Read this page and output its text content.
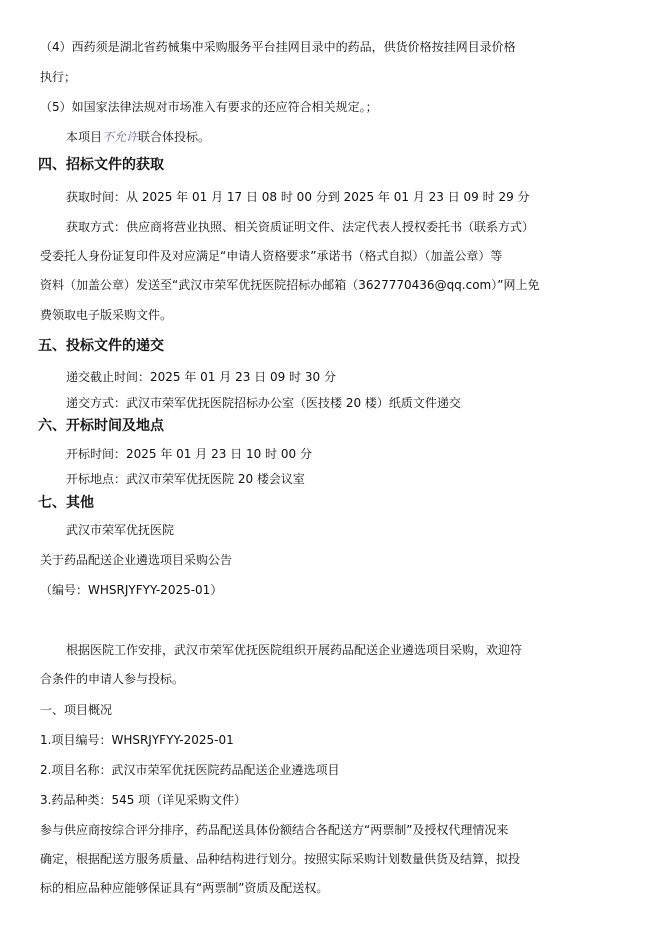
（4）西药须是湖北省药械集中采购服务平台挂网目录中的药品，供货价格按挂网目录价格
执行；
（5）如国家法律法规对市场准入有要求的还应符合相关规定。；
本项目不允许联合体投标。
四、招标文件的获取
获取时间：从 2025 年 01 月 17 日 08 时 00 分到 2025 年 01 月 23 日 09 时 29 分
获取方式：供应商将营业执照、相关资质证明文件、法定代表人授权委托书（联系方式）
受委托人身份证复印件及对应满足“申请人资格要求”承诺书（格式自拟）（加盖公章）等
资料（加盖公章）发送至“武汉市荣军优抚医院招标办邮箱（3627770436@qq.com）”网上免
费领取电子版采购文件。
五、投标文件的递交
递交截止时间：2025 年 01 月 23 日 09 时 30 分
递交方式：武汉市荣军优抚医院招标办公室（医技楼 20 楼）纸质文件递交
六、开标时间及地点
开标时间：2025 年 01 月 23 日 10 时 00 分
开标地点：武汉市荣军优抚医院 20 楼会议室
七、其他
武汉市荣军优抚医院
关于药品配送企业遴选项目采购公告
（编号：WHSRJYFYY-2025-01）
根据医院工作安排，武汉市荣军优抚医院组织开展药品配送企业遴选项目采购，欢迎符
合条件的申请人参与投标。
一、项目概况
1.项目编号：WHSRJYFYY-2025-01
2.项目名称：武汉市荣军优抚医院药品配送企业遴选项目
3.药品种类：545 项（详见采购文件）
参与供应商按综合评分排序，药品配送具体份额结合各配送方“两票制”及授权代理情况来
确定，根据配送方服务质量、品种结构进行划分。按照实际采购计划数量供货及结算，拟投
标的相应品种应能够保证具有“两票制”资质及配送权。
